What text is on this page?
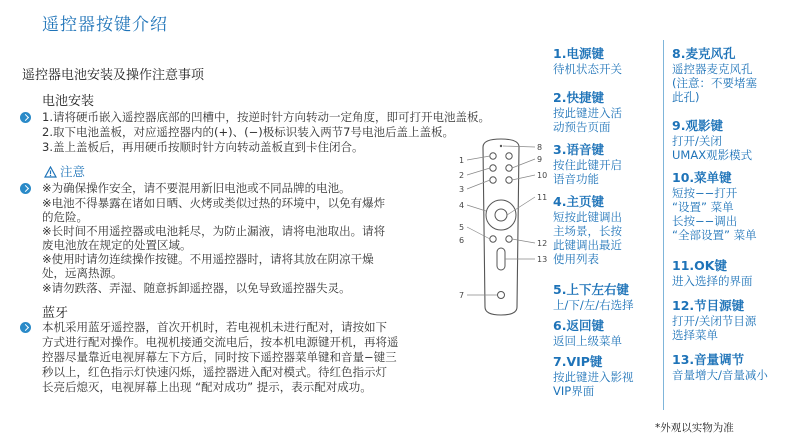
遥控器按键介绍
遥控器电池安装及操作注意事项
电池安装
1.请将硬币嵌入遥控器底部的凹槽中，按逆时针方向转动一定角度，即可打开电池盖板。
2.取下电池盖板，对应遥控器内的(+)、(−)极标识装入两节7号电池后盖上盖板。
3.盖上盖板后，再用硬币按顺时针方向转动盖板直到卡住闭合。
注意
※为确保操作安全，请不要混用新旧电池或不同品牌的电池。
※电池不得暴露在诸如日晒、火烤或类似过热的环境中，以免有爆炸
的危险。
※长时间不用遥控器或电池耗尽，为防止漏液，请将电池取出。请将
废电池放在规定的处置区域。
※使用时请勿连续操作按键。不用遥控器时，请将其放在阴凉干燥
处，远离热源。
※请勿跌落、弄湿、随意拆卸遥控器，以免导致遥控器失灵。
蓝牙
本机采用蓝牙遥控器，首次开机时，若电视机未进行配对，请按如下
方式进行配对操作。电视机接通交流电后，按本机电源键开机，再将遥
控器尽量靠近电视屏幕左下方后，同时按下遥控器菜单键和音量−键三
秒以上，红色指示灯快速闪烁，遥控器进入配对模式。待红色指示灯
长亮后熄灭，电视屏幕上出现 “配对成功” 提示，表示配对成功。
1
2
3
4
5
6
7
8
9
10
11
12
13
1.电源键
待机状态开关
2.快捷键
按此键进入活
动预告页面
3.语音键
按住此键开启
语音功能
4.主页键
短按此键调出
主场景，长按
此键调出最近
使用列表
5.上下左右键
上/下/左/右选择
6.返回键
返回上级菜单
7.VIP键
按此键进入影视
VIP界面
8.麦克风孔
遥控器麦克风孔
(注意：不要堵塞
此孔)
9.观影键
打开/关闭
UMAX观影模式
10.菜单键
短按−−打开
“设置” 菜单
长按−−调出
“全部设置” 菜单
11.OK键
进入选择的界面
12.节目源键
打开/关闭节目源
选择菜单
13.音量调节
音量增大/音量减小
*外观以实物为准
